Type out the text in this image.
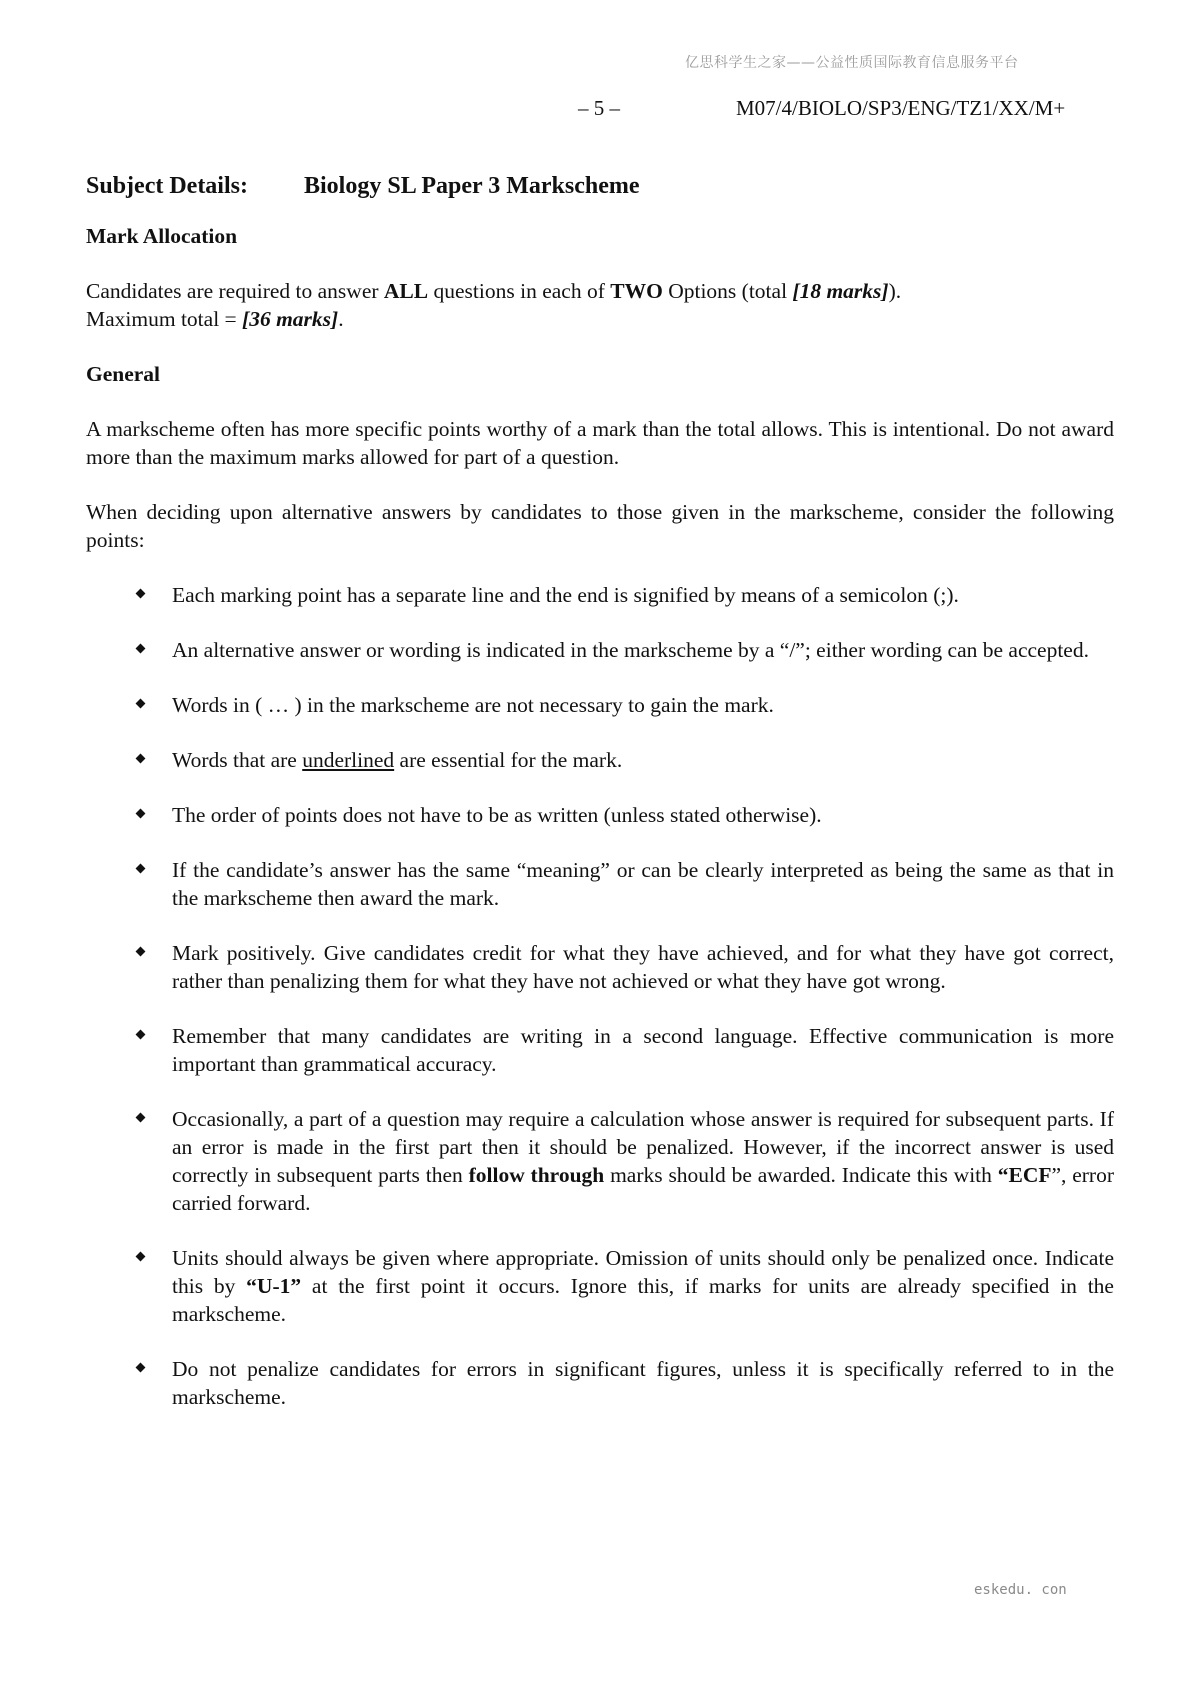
亿思科学生之家——公益性质国际教育信息服务平台
– 5 –	M07/4/BIOLO/SP3/ENG/TZ1/XX/M+
Subject Details: Biology SL Paper 3 Markscheme
Mark Allocation

Candidates are required to answer ALL questions in each of TWO Options (total [18 marks]).
Maximum total = [36 marks].

General

A markscheme often has more specific points worthy of a mark than the total allows. This is intentional. Do not award more than the maximum marks allowed for part of a question.

When deciding upon alternative answers by candidates to those given in the markscheme, consider the following points:

Each marking point has a separate line and the end is signified by means of a semicolon (;).
An alternative answer or wording is indicated in the markscheme by a “/”; either wording can be accepted.
Words in ( … ) in the markscheme are not necessary to gain the mark.
Words that are underlined are essential for the mark.
The order of points does not have to be as written (unless stated otherwise).
If the candidate’s answer has the same “meaning” or can be clearly interpreted as being the same as that in the markscheme then award the mark.
Mark positively. Give candidates credit for what they have achieved, and for what they have got correct, rather than penalizing them for what they have not achieved or what they have got wrong.
Remember that many candidates are writing in a second language. Effective communication is more important than grammatical accuracy.
Occasionally, a part of a question may require a calculation whose answer is required for subsequent parts. If an error is made in the first part then it should be penalized. However, if the incorrect answer is used correctly in subsequent parts then follow through marks should be awarded. Indicate this with “ECF”, error carried forward.
Units should always be given where appropriate. Omission of units should only be penalized once. Indicate this by “U-1” at the first point it occurs. Ignore this, if marks for units are already specified in the markscheme.
Do not penalize candidates for errors in significant figures, unless it is specifically referred to in the markscheme.
eskedu. con
